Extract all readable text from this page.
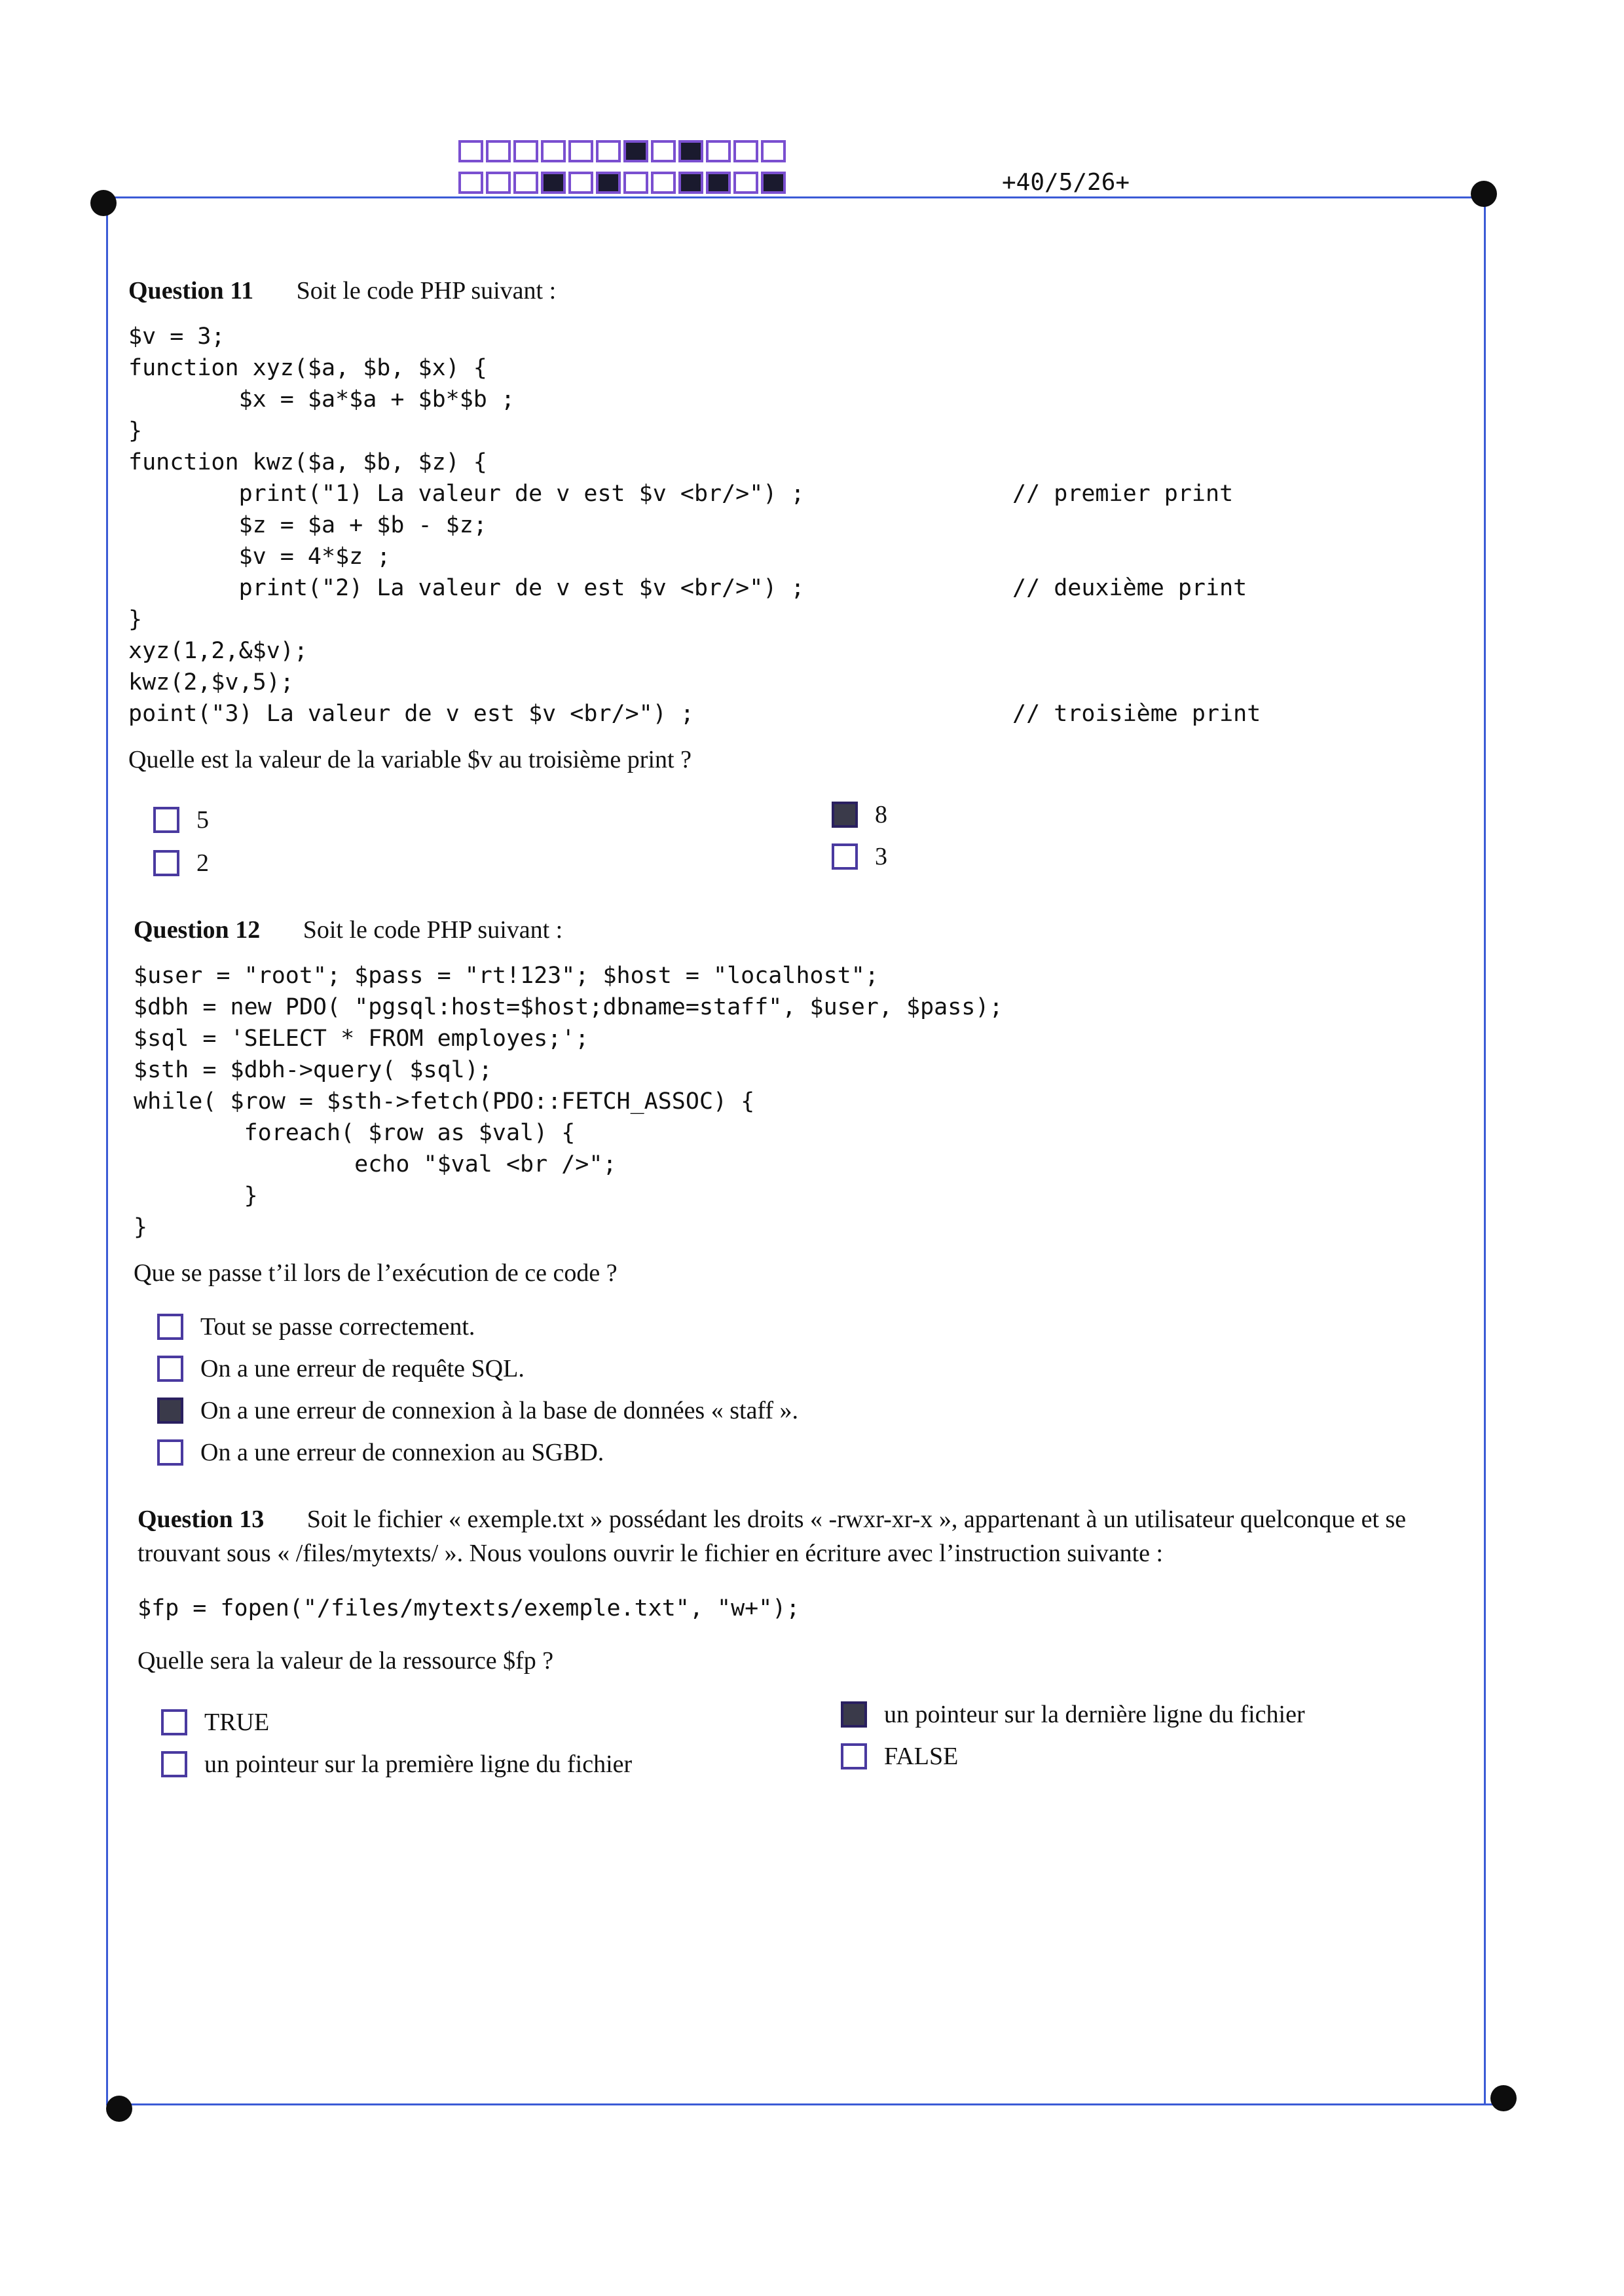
+40/5/26+
Question 11 Soit le code PHP suivant :
$v = 3;
function xyz($a, $b, $x) {
$x = $a*$a + $b*$b ;
}
function kwz($a, $b, $z) {
print("1) La valeur de v est $v <br/>") ;	// premier print
$z = $a + $b - $z;
$v = 4*$z ;
print("2) La valeur de v est $v <br/>") ;	// deuxième print
}
xyz(1,2,&$v);
kwz(2,$v,5);
point("3) La valeur de v est $v <br/>") ;	// troisième print
Quelle est la valeur de la variable $v au troisième print ?
5
2
8
3
Question 12 Soit le code PHP suivant :
$user = "root"; $pass = "rt!123"; $host = "localhost";
$dbh = new PDO( "pgsql:host=$host;dbname=staff", $user, $pass);
$sql = 'SELECT * FROM employes;';
$sth = $dbh->query( $sql);
while( $row = $sth->fetch(PDO::FETCH_ASSOC) {
foreach( $row as $val) {
echo "$val <br />";
}
}
Que se passe t’il lors de l’exécution de ce code ?
Tout se passe correctement.
On a une erreur de requête SQL.
On a une erreur de connexion à la base de données « staff ».
On a une erreur de connexion au SGBD.
Question 13 Soit le fichier « exemple.txt » possédant les droits « -rwxr-xr-x », appartenant à un utilisateur quelconque et se trouvant sous « /files/mytexts/ ». Nous voulons ouvrir le fichier en écriture avec l’instruction suivante :
$fp = fopen("/files/mytexts/exemple.txt", "w+");
Quelle sera la valeur de la ressource $fp ?
TRUE
un pointeur sur la première ligne du fichier
un pointeur sur la dernière ligne du fichier
FALSE
